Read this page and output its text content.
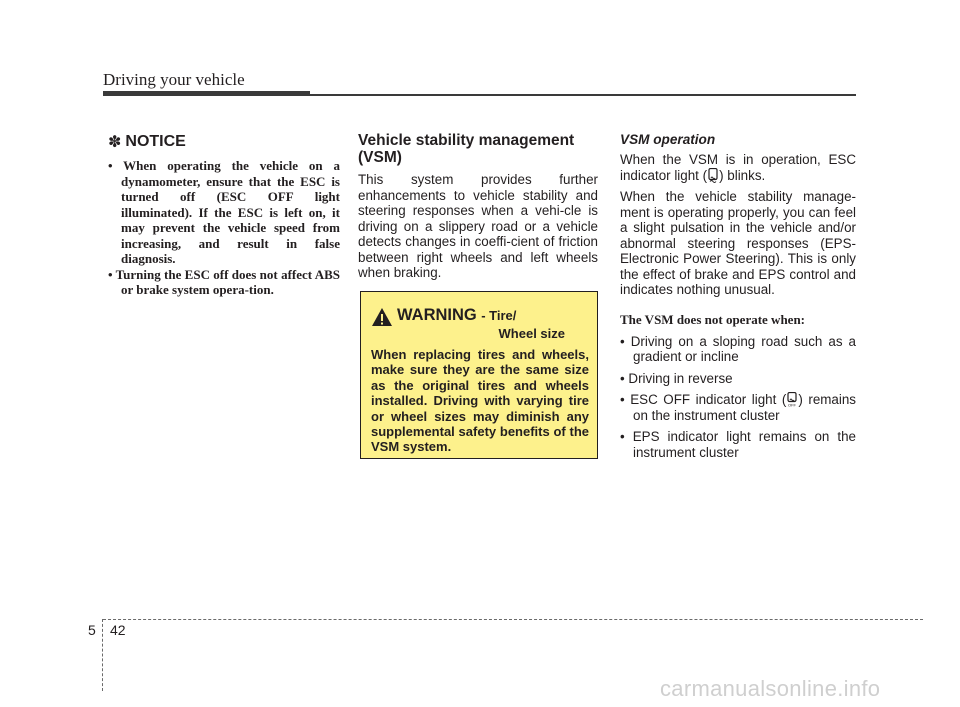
Driving your vehicle
✽ NOTICE
• When operating the vehicle on a dynamometer, ensure that the ESC is turned off (ESC OFF light illuminated). If the ESC is left on, it may prevent the vehicle speed from increasing, and result in false diagnosis.
• Turning the ESC off does not affect ABS or brake system opera-tion.
Vehicle stability management (VSM)

This system provides further enhancements to vehicle stability and steering responses when a vehi-cle is driving on a slippery road or a vehicle detects changes in coeffi-cient of friction between right wheels and left wheels when braking.

WARNING - Tire/
Wheel size

When replacing tires and wheels, make sure they are the same size as the original tires and wheels installed. Driving with varying tire or wheel sizes may diminish any supplemental safety benefits of the VSM system.

VSM operation

When the VSM is in operation, ESC indicator light ( ) blinks.

When the vehicle stability manage-ment is operating properly, you can feel a slight pulsation in the vehicle and/or abnormal steering responses (EPS- Electronic Power Steering). This is only the effect of brake and EPS control and indicates nothing unusual.

The VSM does not operate when:
• Driving on a sloping road such as a gradient or incline
• Driving in reverse
• ESC OFF indicator light ( OFF ) remains on the instrument cluster
• EPS indicator light remains on the instrument cluster
5 42
carmanualsonline.info
